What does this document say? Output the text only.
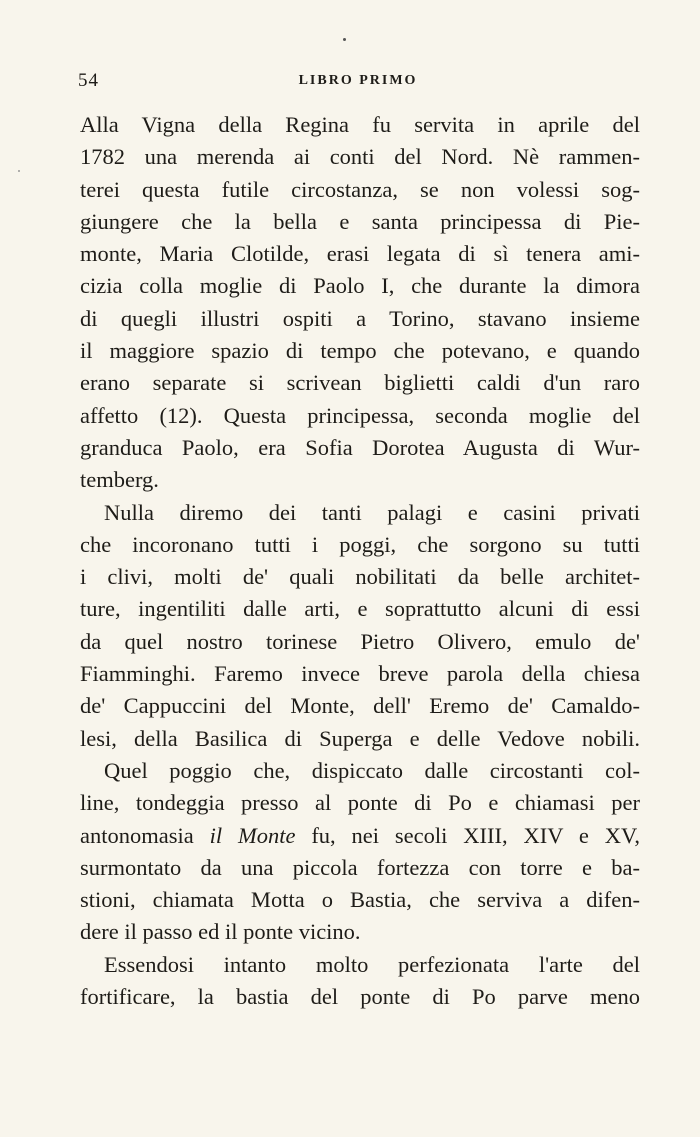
54	LIBRO PRIMO
Alla Vigna della Regina fu servita in aprile del
1782 una merenda ai conti del Nord. Nè rammen-
terei questa futile circostanza, se non volessi sog-
giungere che la bella e santa principessa di Pie-
monte, Maria Clotilde, erasi legata di sì tenera ami-
cizia colla moglie di Paolo I, che durante la dimora
di quegli illustri ospiti a Torino, stavano insieme
il maggiore spazio di tempo che potevano, e quando
erano separate si scrivean biglietti caldi d'un raro
affetto (12). Questa principessa, seconda moglie del
granduca Paolo, era Sofia Dorotea Augusta di Wur-
temberg.
Nulla diremo dei tanti palagi e casini privati
che incoronano tutti i poggi, che sorgono su tutti
i clivi, molti de' quali nobilitati da belle architet-
ture, ingentiliti dalle arti, e soprattutto alcuni di essi
da quel nostro torinese Pietro Olivero, emulo de'
Fiamminghi. Faremo invece breve parola della chiesa
de' Cappuccini del Monte, dell' Eremo de' Camaldo-
lesi, della Basilica di Superga e delle Vedove nobili.
Quel poggio che, dispiccato dalle circostanti col-
line, tondeggia presso al ponte di Po e chiamasi per
antonomasia il Monte fu, nei secoli XIII, XIV e XV,
surmontato da una piccola fortezza con torre e ba-
stioni, chiamata Motta o Bastia, che serviva a difen-
dere il passo ed il ponte vicino.
Essendosi intanto molto perfezionata l'arte del
fortificare, la bastia del ponte di Po parve meno
